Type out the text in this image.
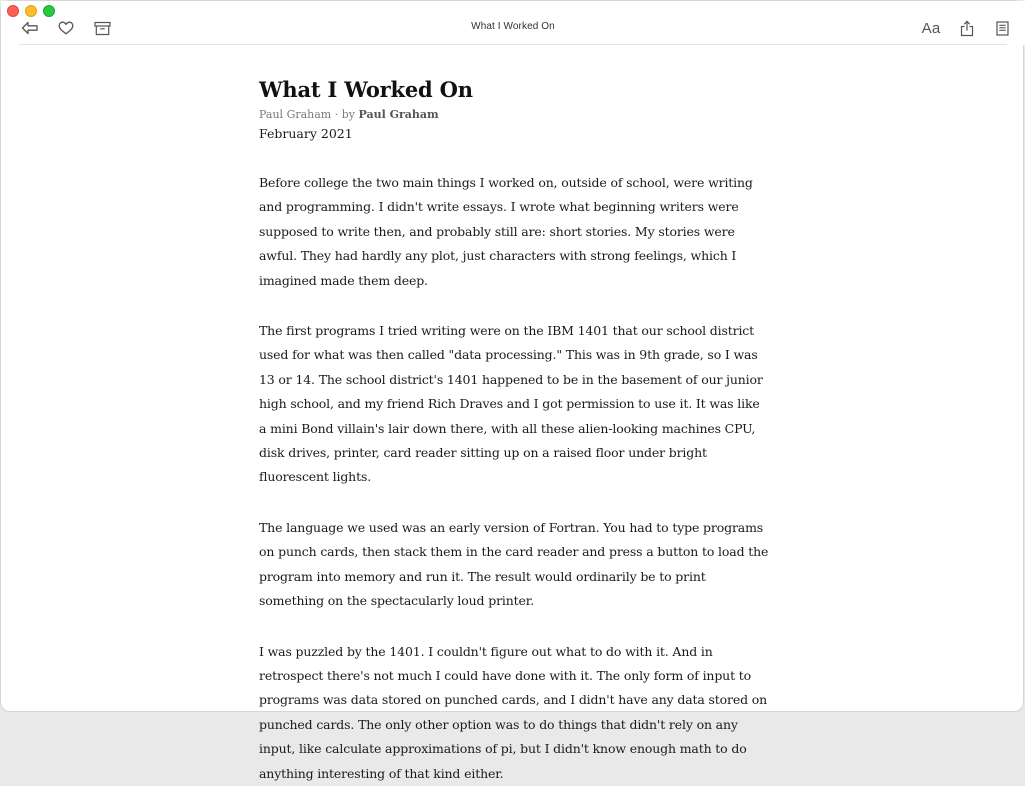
What I Worked On	Aa
What I Worked On
Paul Graham · by Paul Graham
February 2021

Before college the two main things I worked on, outside of school, were writing and programming. I didn't write essays. I wrote what beginning writers were supposed to write then, and probably still are: short stories. My stories were awful. They had hardly any plot, just characters with strong feelings, which I imagined made them deep.

The first programs I tried writing were on the IBM 1401 that our school district used for what was then called "data processing." This was in 9th grade, so I was 13 or 14. The school district's 1401 happened to be in the basement of our junior high school, and my friend Rich Draves and I got permission to use it. It was like a mini Bond villain's lair down there, with all these alien-looking machines CPU, disk drives, printer, card reader sitting up on a raised floor under bright fluorescent lights.

The language we used was an early version of Fortran. You had to type programs on punch cards, then stack them in the card reader and press a button to load the program into memory and run it. The result would ordinarily be to print something on the spectacularly loud printer.

I was puzzled by the 1401. I couldn't figure out what to do with it. And in retrospect there's not much I could have done with it. The only form of input to programs was data stored on punched cards, and I didn't have any data stored on punched cards. The only other option was to do things that didn't rely on any input, like calculate approximations of pi, but I didn't know enough math to do anything interesting of that kind either.
